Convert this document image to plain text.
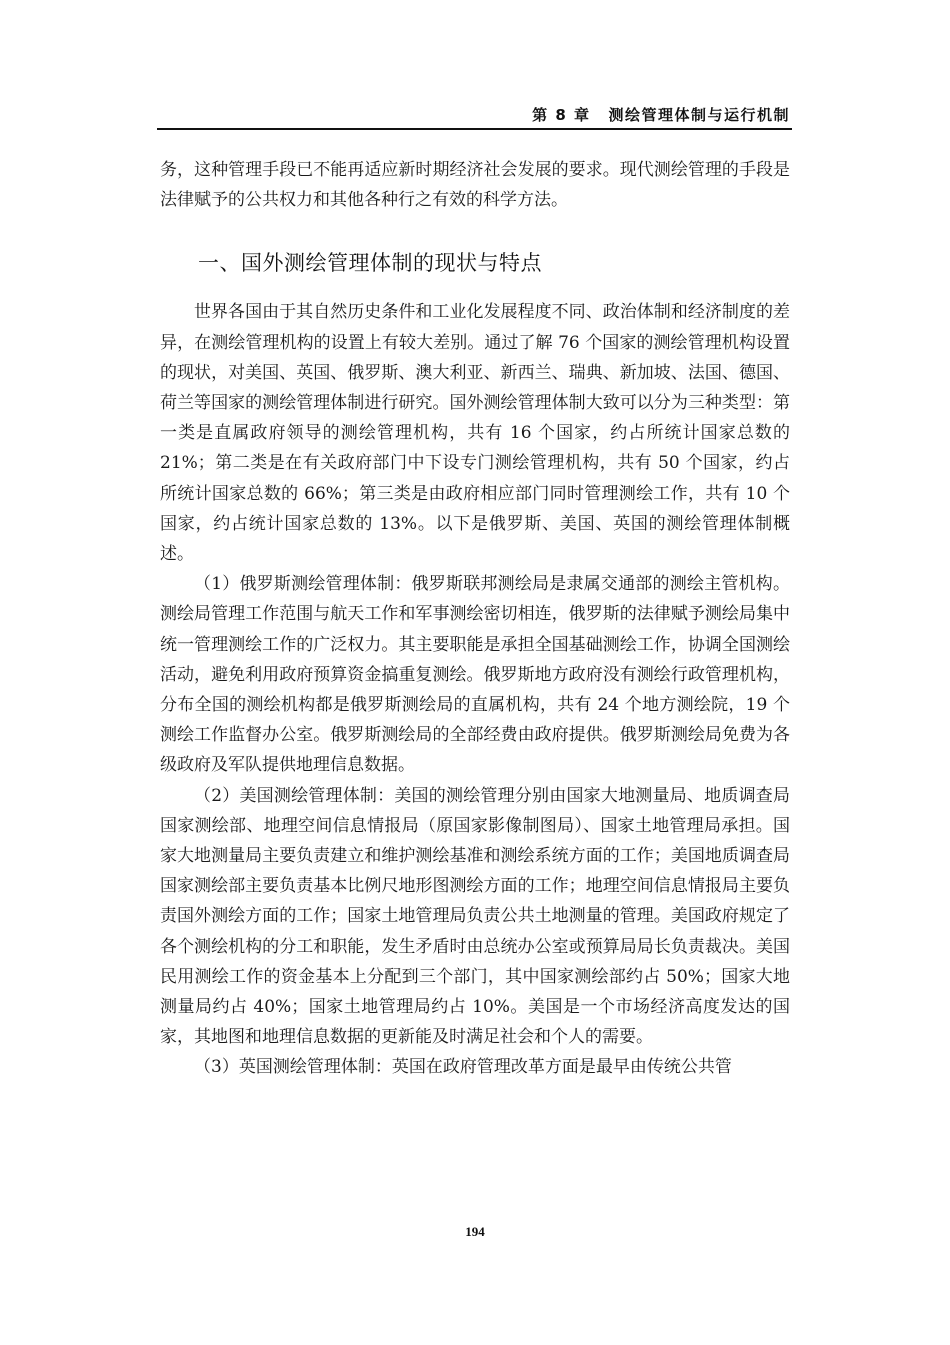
第 8 章 测绘管理体制与运行机制

务，这种管理手段已不能再适应新时期经济社会发展的要求。现代测绘管理的手段是法律赋予的公共权力和其他各种行之有效的科学方法。

一、国外测绘管理体制的现状与特点

世界各国由于其自然历史条件和工业化发展程度不同、政治体制和经济制度的差异，在测绘管理机构的设置上有较大差别。通过了解 76 个国家的测绘管理机构设置的现状，对美国、英国、俄罗斯、澳大利亚、新西兰、瑞典、新加坡、法国、德国、荷兰等国家的测绘管理体制进行研究。国外测绘管理体制大致可以分为三种类型：第一类是直属政府领导的测绘管理机构，共有 16 个国家，约占所统计国家总数的 21%；第二类是在有关政府部门中下设专门测绘管理机构，共有 50 个国家，约占所统计国家总数的 66%；第三类是由政府相应部门同时管理测绘工作，共有 10 个国家，约占统计国家总数的 13%。以下是俄罗斯、美国、英国的测绘管理体制概述。

（1）俄罗斯测绘管理体制：俄罗斯联邦测绘局是隶属交通部的测绘主管机构。测绘局管理工作范围与航天工作和军事测绘密切相连，俄罗斯的法律赋予测绘局集中统一管理测绘工作的广泛权力。其主要职能是承担全国基础测绘工作，协调全国测绘活动，避免利用政府预算资金搞重复测绘。俄罗斯地方政府没有测绘行政管理机构，分布全国的测绘机构都是俄罗斯测绘局的直属机构，共有 24 个地方测绘院，19 个测绘工作监督办公室。俄罗斯测绘局的全部经费由政府提供。俄罗斯测绘局免费为各级政府及军队提供地理信息数据。

（2）美国测绘管理体制：美国的测绘管理分别由国家大地测量局、地质调查局国家测绘部、地理空间信息情报局（原国家影像制图局）、国家土地管理局承担。国家大地测量局主要负责建立和维护测绘基准和测绘系统方面的工作；美国地质调查局国家测绘部主要负责基本比例尺地形图测绘方面的工作；地理空间信息情报局主要负责国外测绘方面的工作；国家土地管理局负责公共土地测量的管理。美国政府规定了各个测绘机构的分工和职能，发生矛盾时由总统办公室或预算局局长负责裁决。美国民用测绘工作的资金基本上分配到三个部门，其中国家测绘部约占 50%；国家大地测量局约占 40%；国家土地管理局约占 10%。美国是一个市场经济高度发达的国家，其地图和地理信息数据的更新能及时满足社会和个人的需要。

（3）英国测绘管理体制：英国在政府管理改革方面是最早由传统公共管

194
